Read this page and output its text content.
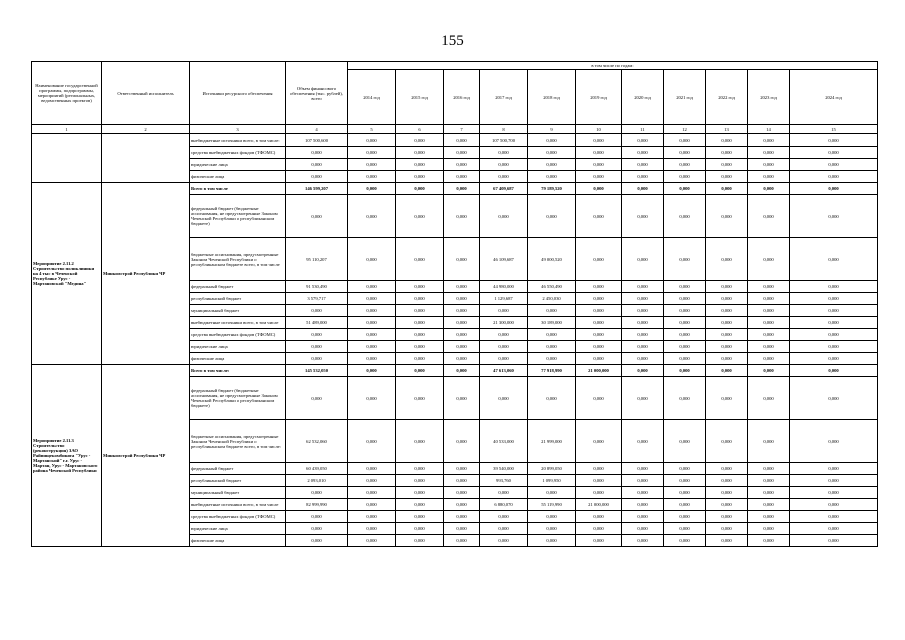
155
Наименование государственной программы, подпрограммы, мероприятий (региональных, ведомственных проектов)	Ответственный исполнитель	Источники ресурсного обеспечения	Объем финансового обеспечения (тыс. рублей), всего	в том числе по годам:										
				2014 год	2015 год	2016 год	2017 год	2018 год	2019 год	2020 год	2021 год	2022 год	2023 год	2024 год
1	2	3	4	5	6	7	8	9	10	11	12	13	14	15
		внебюджетные источники всего, в том числе:	107 500,600	0,000	0,000	0,000	107 500,700	0,000	0,000	0,000	0,000	0,000	0,000	0,000
		средства внебюджетных фондов (ТФОМС)	0,000	0,000	0,000	0,000	0,000	0,000	0,000	0,000	0,000	0,000	0,000	0,000
		юридические лица	0,000	0,000	0,000	0,000	0,000	0,000	0,000	0,000	0,000	0,000	0,000	0,000
		физические лица	0,000	0,000	0,000	0,000	0,000	0,000	0,000	0,000	0,000	0,000	0,000	0,000
Мероприятие 2.11.2 Строительство поликлиники на 4 тыс в Чеченской Республике Урус - Мартановской "Медина"	Минкомстрой Республики ЧР	Всего в том числе	146 599,207	0,000	0,000	0,000	67 409,687	79 189,520	0,000	0,000	0,000	0,000	0,000	0,000
		федеральный бюджет (бюджетные ассигнования, не предусмотренные Законом Чеченской Республики о республиканском бюджете)	0,000	0,000	0,000	0,000	0,000	0,000	0,000	0,000	0,000	0,000	0,000	0,000
		бюджетные ассигнования, предусмотренные Законом Чеченской Республики о республиканском бюджете всего, в том числе	95 110,207	0,000	0,000	0,000	46 109,687	49 000,520	0,000	0,000	0,000	0,000	0,000	0,000
		федеральный бюджет	91 530,490	0,000	0,000	0,000	44 980,000	46 550,490	0,000	0,000	0,000	0,000	0,000	0,000
		республиканский бюджет	3 579,717	0,000	0,000	0,000	1 129,687	2 450,030	0,000	0,000	0,000	0,000	0,000	0,000
		муниципальный бюджет	0,000	0,000	0,000	0,000	0,000	0,000	0,000	0,000	0,000	0,000	0,000	0,000
		внебюджетные источники всего, в том числе	51 489,000	0,000	0,000	0,000	21 300,000	30 189,000	0,000	0,000	0,000	0,000	0,000	0,000
		средства внебюджетных фондов (ТФОМС)	0,000	0,000	0,000	0,000	0,000	0,000	0,000	0,000	0,000	0,000	0,000	0,000
		юридические лица	0,000	0,000	0,000	0,000	0,000	0,000	0,000	0,000	0,000	0,000	0,000	0,000
		физические лица	0,000	0,000	0,000	0,000	0,000	0,000	0,000	0,000	0,000	0,000	0,000	0,000
Мероприятие 2.11.3 Строительство (реконструкция) ЗАО Райпищекомбината "Урус - Мартанский" г.г. Урус - Мартан, Урус - Мартановского района Чеченской Республики	Минкомстрой Республики ЧР	Всего в том числе:	145 532,050	0,000	0,000	0,000	47 613,060	77 918,990	21 000,000	0,000	0,000	0,000	0,000	0,000
		федеральный бюджет (бюджетные ассигнования, не предусмотренные Законом Чеченской Республики о республиканском бюджете)	0,000	0,000	0,000	0,000	0,000	0,000	0,000	0,000	0,000	0,000	0,000	0,000
		бюджетные ассигнования, предусмотренные Законом Чеченской Республики о республиканском бюджете всего, в том числе:	62 532,060	0,000	0,000	0,000	40 533,000	21 999,000	0,000	0,000	0,000	0,000	0,000	0,000
		федеральный бюджет	60 439,050	0,000	0,000	0,000	39 540,000	20 899,050	0,000	0,000	0,000	0,000	0,000	0,000
		республиканский бюджет	2 093,010	0,000	0,000	0,000	993,760	1 099,950	0,000	0,000	0,000	0,000	0,000	0,000
		муниципальный бюджет	0,000	0,000	0,000	0,000	0,000	0,000	0,000	0,000	0,000	0,000	0,000	0,000
		внебюджетные источники всего, в том числе	82 999,990	0,000	0,000	0,000	6 880,070	55 119,990	21 000,000	0,000	0,000	0,000	0,000	0,000
		средства внебюджетных фондов (ТФОМС)	0,000	0,000	0,000	0,000	0,000	0,000	0,000	0,000	0,000	0,000	0,000	0,000
		юридические лица	0,000	0,000	0,000	0,000	0,000	0,000	0,000	0,000	0,000	0,000	0,000	0,000
		физические лица	0,000	0,000	0,000	0,000	0,000	0,000	0,000	0,000	0,000	0,000	0,000	0,000
